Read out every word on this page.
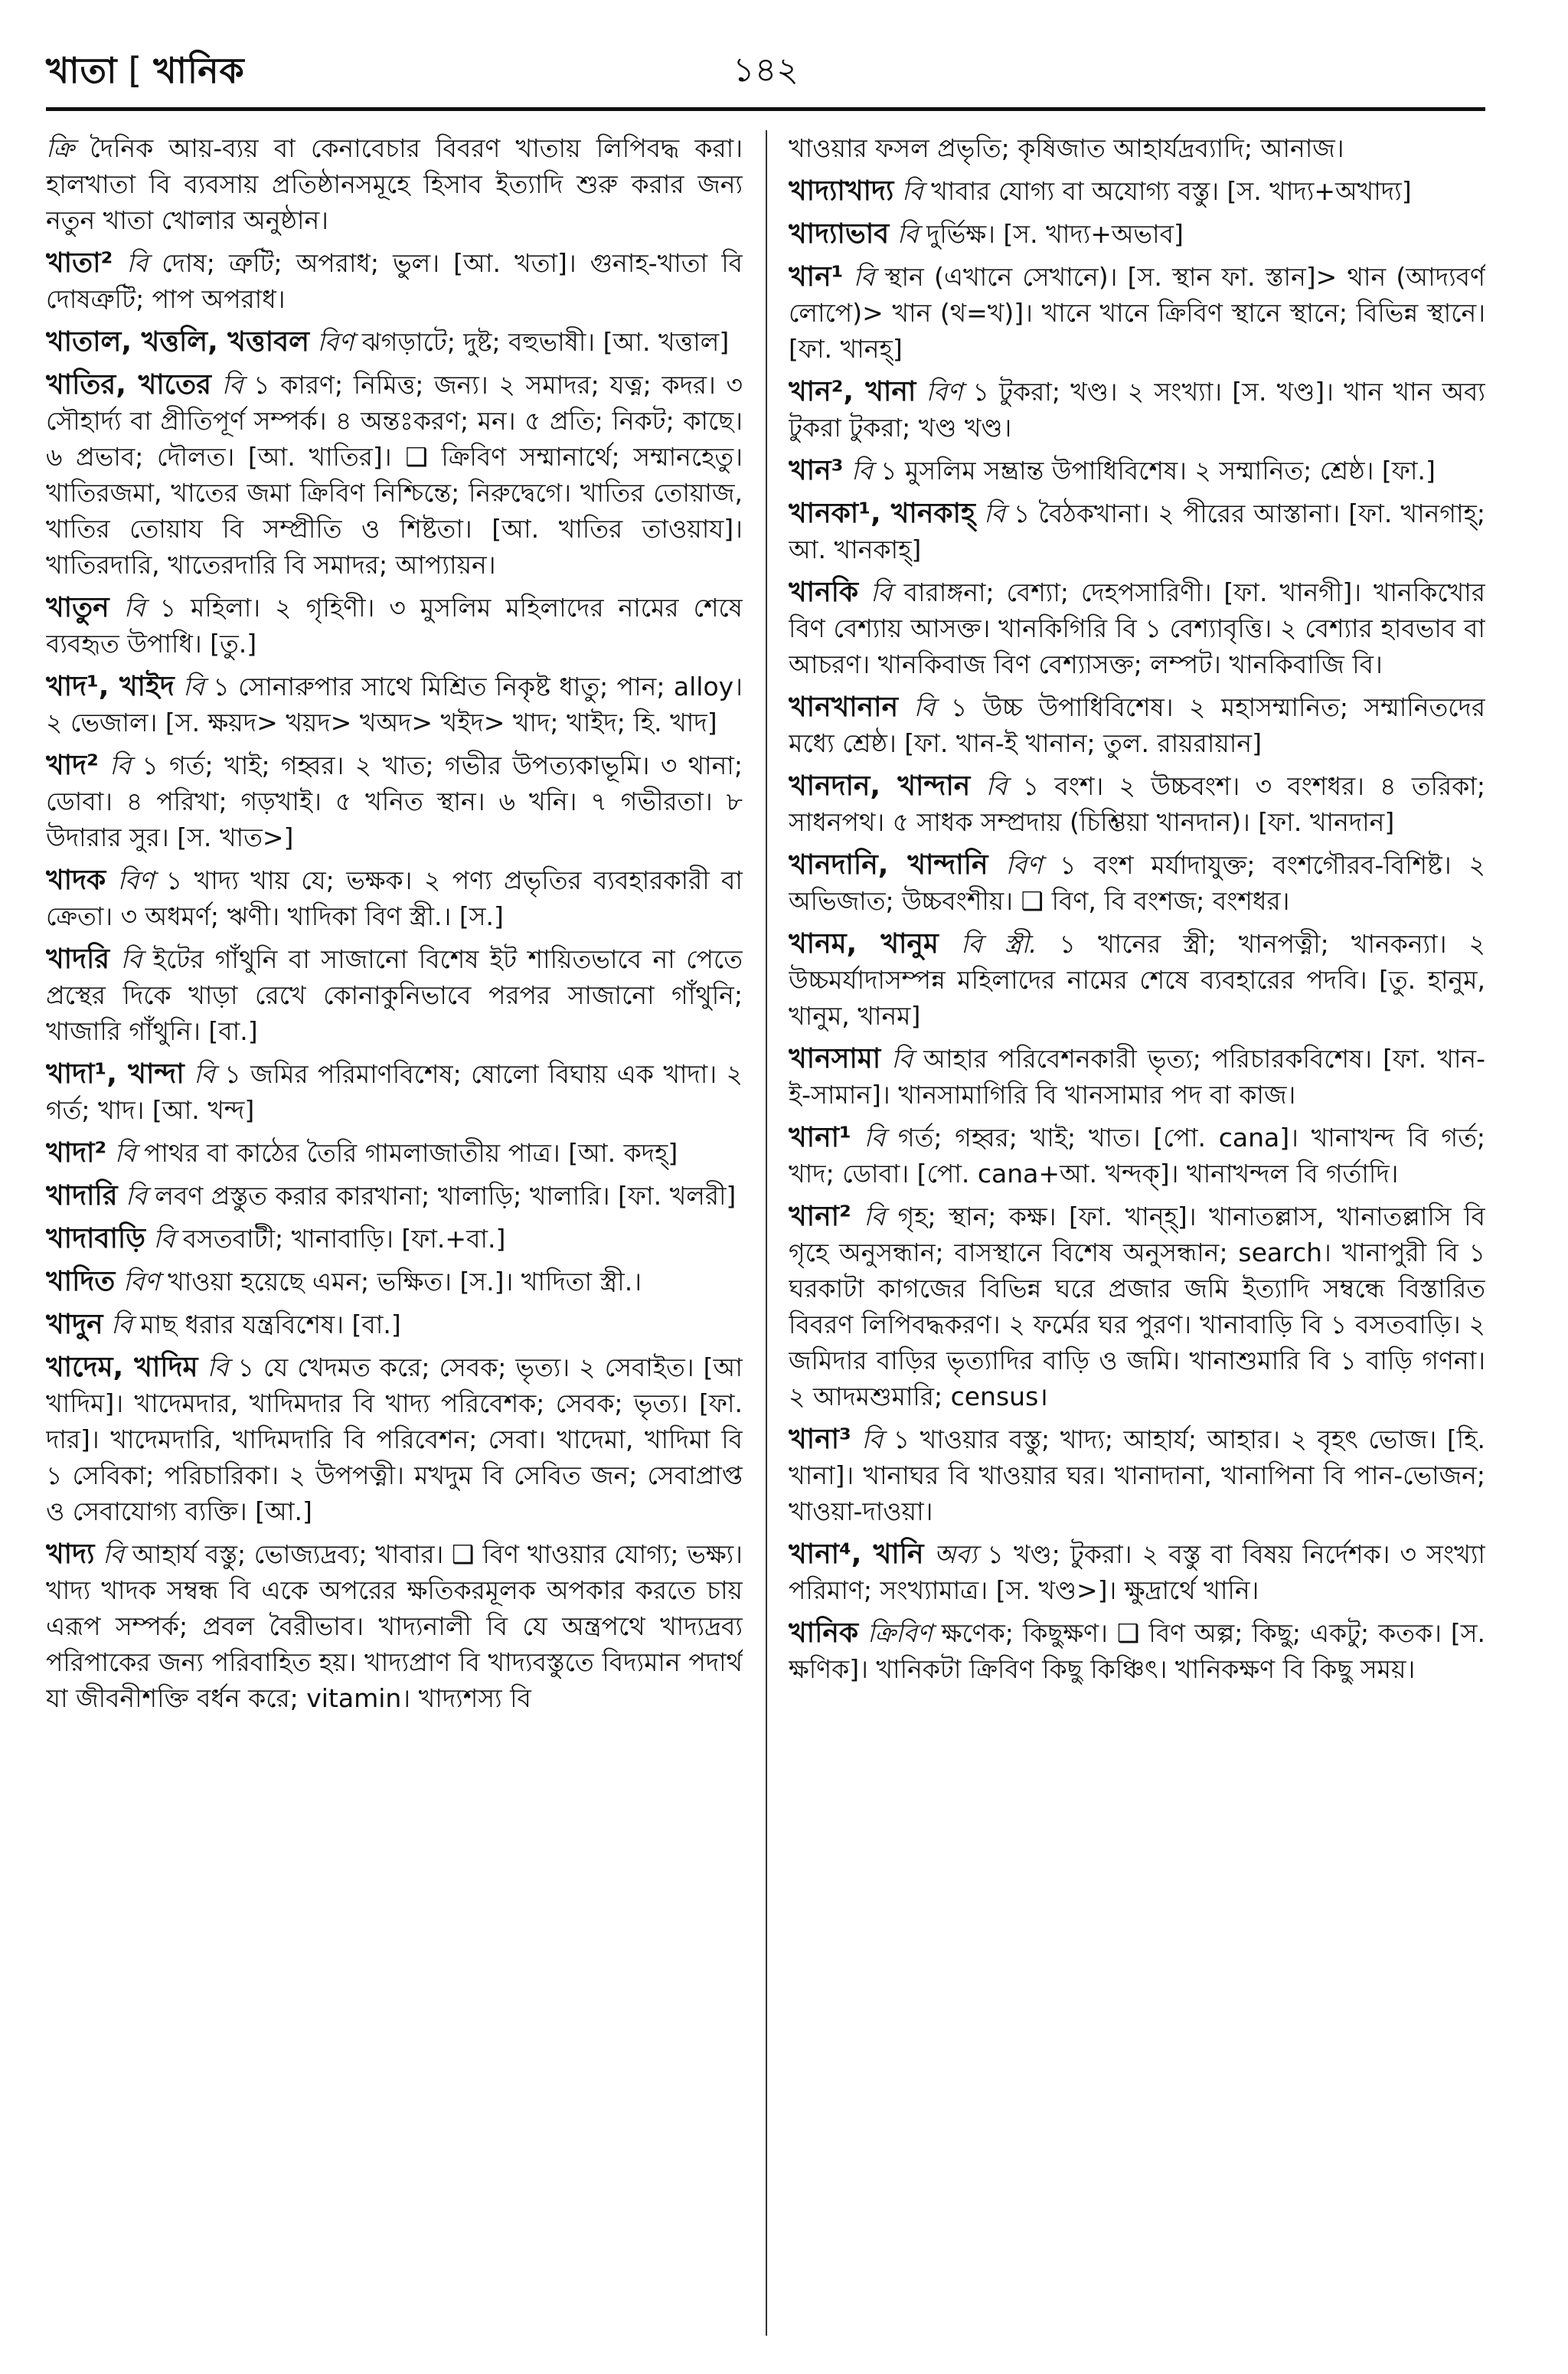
খাতা [ খানিক	১৪২

ক্রি দৈনিক আয়-ব্যয় বা কেনাবেচার বিবরণ খাতায় লিপিবদ্ধ করা। হালখাতা বি ব্যবসায় প্রতিষ্ঠানসমূহে হিসাব ইত্যাদি শুরু করার জন্য নতুন খাতা খোলার অনুষ্ঠান।

খাতা² বি দোষ; ত্রুটি; অপরাধ; ভুল। [আ. খতা]। গুনাহ-খাতা বি দোষত্রুটি; পাপ অপরাধ।

খাতাল, খত্তলি, খত্তাবল বিণ ঝগড়াটে; দুষ্ট; বহুভাষী। [আ. খত্তাল]

খাতির, খাতের বি ১ কারণ; নিমিত্ত; জন্য। ২ সমাদর; যত্ন; কদর। ৩ সৌহার্দ্য বা প্রীতিপূর্ণ সম্পর্ক। ৪ অন্তঃকরণ; মন। ৫ প্রতি; নিকট; কাছে। ৬ প্রভাব; দৌলত। [আ. খাতির]। ❑ ক্রিবিণ সম্মানার্থে; সম্মানহেতু। খাতিরজমা, খাতের জমা ক্রিবিণ নিশ্চিন্তে; নিরুদ্বেগে। খাতির তোয়াজ, খাতির তোয়ায বি সম্প্রীতি ও শিষ্টতা। [আ. খাতির তাওয়ায]। খাতিরদারি, খাতেরদারি বি সমাদর; আপ্যায়ন।

খাতুন বি ১ মহিলা। ২ গৃহিণী। ৩ মুসলিম মহিলাদের নামের শেষে ব্যবহৃত উপাধি। [তু.]

খাদ¹, খাইদ বি ১ সোনারুপার সাথে মিশ্রিত নিকৃষ্ট ধাতু; পান; alloy। ২ ভেজাল। [স. ক্ষয়দ> খয়দ> খঅদ> খইদ> খাদ; খাইদ; হি. খাদ]

খাদ² বি ১ গর্ত; খাই; গহ্বর। ২ খাত; গভীর উপত্যকাভূমি। ৩ থানা; ডোবা। ৪ পরিখা; গড়খাই। ৫ খনিত স্থান। ৬ খনি। ৭ গভীরতা। ৮ উদারার সুর। [স. খাত>]

খাদক বিণ ১ খাদ্য খায় যে; ভক্ষক। ২ পণ্য প্রভৃতির ব্যবহারকারী বা ক্রেতা। ৩ অধমর্ণ; ঋণী। খাদিকা বিণ স্ত্রী.। [স.]

খাদরি বি ইটের গাঁথুনি বা সাজানো বিশেষ ইট শায়িতভাবে না পেতে প্রস্থের দিকে খাড়া রেখে কোনাকুনিভাবে পরপর সাজানো গাঁথুনি; খাজারি গাঁথুনি। [বা.]

খাদা¹, খান্দা বি ১ জমির পরিমাণবিশেষ; ষোলো বিঘায় এক খাদা। ২ গর্ত; খাদ। [আ. খন্দ]

খাদা² বি পাথর বা কাঠের তৈরি গামলাজাতীয় পাত্র। [আ. কদহ্]

খাদারি বি লবণ প্রস্তুত করার কারখানা; খালাড়ি; খালারি। [ফা. খলরী]

খাদাবাড়ি বি বসতবাটী; খানাবাড়ি। [ফা.+বা.]

খাদিত বিণ খাওয়া হয়েছে এমন; ভক্ষিত। [স.]। খাদিতা স্ত্রী.।

খাদুন বি মাছ ধরার যন্ত্রবিশেষ। [বা.]

খাদেম, খাদিম বি ১ যে খেদমত করে; সেবক; ভৃত্য। ২ সেবাইত। [আ খাদিম]। খাদেমদার, খাদিমদার বি খাদ্য পরিবেশক; সেবক; ভৃত্য। [ফা. দার]। খাদেমদারি, খাদিমদারি বি পরিবেশন; সেবা। খাদেমা, খাদিমা বি ১ সেবিকা; পরিচারিকা। ২ উপপত্নী। মখদুম বি সেবিত জন; সেবাপ্রাপ্ত ও সেবাযোগ্য ব্যক্তি। [আ.]

খাদ্য বি আহার্য বস্তু; ভোজ্যদ্রব্য; খাবার। ❑ বিণ খাওয়ার যোগ্য; ভক্ষ্য। খাদ্য খাদক সম্বন্ধ বি একে অপরের ক্ষতিকরমূলক অপকার করতে চায় এরূপ সম্পর্ক; প্রবল বৈরীভাব। খাদ্যনালী বি যে অন্ত্রপথে খাদ্যদ্রব্য পরিপাকের জন্য পরিবাহিত হয়। খাদ্যপ্রাণ বি খাদ্যবস্তুতে বিদ্যমান পদার্থ যা জীবনীশক্তি বর্ধন করে; vitamin। খাদ্যশস্য বি

খাওয়ার ফসল প্রভৃতি; কৃষিজাত আহার্যদ্রব্যাদি; আনাজ।

খাদ্যাখাদ্য বি খাবার যোগ্য বা অযোগ্য বস্তু। [স. খাদ্য+অখাদ্য]

খাদ্যাভাব বি দুর্ভিক্ষ। [স. খাদ্য+অভাব]

খান¹ বি স্থান (এখানে সেখানে)। [স. স্থান ফা. স্তান]> থান (আদ্যবর্ণ লোপে)> খান (থ=খ)]। খানে খানে ক্রিবিণ স্থানে স্থানে; বিভিন্ন স্থানে। [ফা. খানহ্]

খান², খানা বিণ ১ টুকরা; খণ্ড। ২ সংখ্যা। [স. খণ্ড]। খান খান অব্য টুকরা টুকরা; খণ্ড খণ্ড।

খান³ বি ১ মুসলিম সম্ভ্রান্ত উপাধিবিশেষ। ২ সম্মানিত; শ্রেষ্ঠ। [ফা.]

খানকা¹, খানকাহ্ বি ১ বৈঠকখানা। ২ পীরের আস্তানা। [ফা. খানগাহ্; আ. খানকাহ্]

খানকি বি বারাঙ্গনা; বেশ্যা; দেহপসারিণী। [ফা. খানগী]। খানকিখোর বিণ বেশ্যায় আসক্ত। খানকিগিরি বি ১ বেশ্যাবৃত্তি। ২ বেশ্যার হাবভাব বা আচরণ। খানকিবাজ বিণ বেশ্যাসক্ত; লম্পট। খানকিবাজি বি।

খানখানান বি ১ উচ্চ উপাধিবিশেষ। ২ মহাসম্মানিত; সম্মানিতদের মধ্যে শ্রেষ্ঠ। [ফা. খান-ই খানান; তুল. রায়রায়ান]

খানদান, খান্দান বি ১ বংশ। ২ উচ্চবংশ। ৩ বংশধর। ৪ তরিকা; সাধনপথ। ৫ সাধক সম্প্রদায় (চিশ্তিয়া খানদান)। [ফা. খানদান]

খানদানি, খান্দানি বিণ ১ বংশ মর্যাদাযুক্ত; বংশগৌরব-বিশিষ্ট। ২ অভিজাত; উচ্চবংশীয়। ❑ বিণ, বি বংশজ; বংশধর।

খানম, খানুম বি স্ত্রী. ১ খানের স্ত্রী; খানপত্নী; খানকন্যা। ২ উচ্চমর্যাদাসম্পন্ন মহিলাদের নামের শেষে ব্যবহারের পদবি। [তু. হানুম, খানুম, খানম]

খানসামা বি আহার পরিবেশনকারী ভৃত্য; পরিচারকবিশেষ। [ফা. খান-ই-সামান]। খানসামাগিরি বি খানসামার পদ বা কাজ।

খানা¹ বি গর্ত; গহ্বর; খাই; খাত। [পো. cana]। খানাখন্দ বি গর্ত; খাদ; ডোবা। [পো. cana+আ. খন্দক্]। খানাখন্দল বি গর্তাদি।

খানা² বি গৃহ; স্থান; কক্ষ। [ফা. খান্হ্]। খানাতল্লাস, খানাতল্লাসি বি গৃহে অনুসন্ধান; বাসস্থানে বিশেষ অনুসন্ধান; search। খানাপুরী বি ১ ঘরকাটা কাগজের বিভিন্ন ঘরে প্রজার জমি ইত্যাদি সম্বন্ধে বিস্তারিত বিবরণ লিপিবদ্ধকরণ। ২ ফর্মের ঘর পুরণ। খানাবাড়ি বি ১ বসতবাড়ি। ২ জমিদার বাড়ির ভৃত্যাদির বাড়ি ও জমি। খানাশুমারি বি ১ বাড়ি গণনা। ২ আদমশুমারি; census।

খানা³ বি ১ খাওয়ার বস্তু; খাদ্য; আহার্য; আহার। ২ বৃহৎ ভোজ। [হি. খানা]। খানাঘর বি খাওয়ার ঘর। খানাদানা, খানাপিনা বি পান-ভোজন; খাওয়া-দাওয়া।

খানা⁴, খানি অব্য ১ খণ্ড; টুকরা। ২ বস্তু বা বিষয় নির্দেশক। ৩ সংখ্যা পরিমাণ; সংখ্যামাত্র। [স. খণ্ড>]। ক্ষুদ্রার্থে খানি।

খানিক ক্রিবিণ ক্ষণেক; কিছুক্ষণ। ❑ বিণ অল্প; কিছু; একটু; কতক। [স. ক্ষণিক]। খানিকটা ক্রিবিণ কিছু কিঞ্চিৎ। খানিকক্ষণ বি কিছু সময়।
